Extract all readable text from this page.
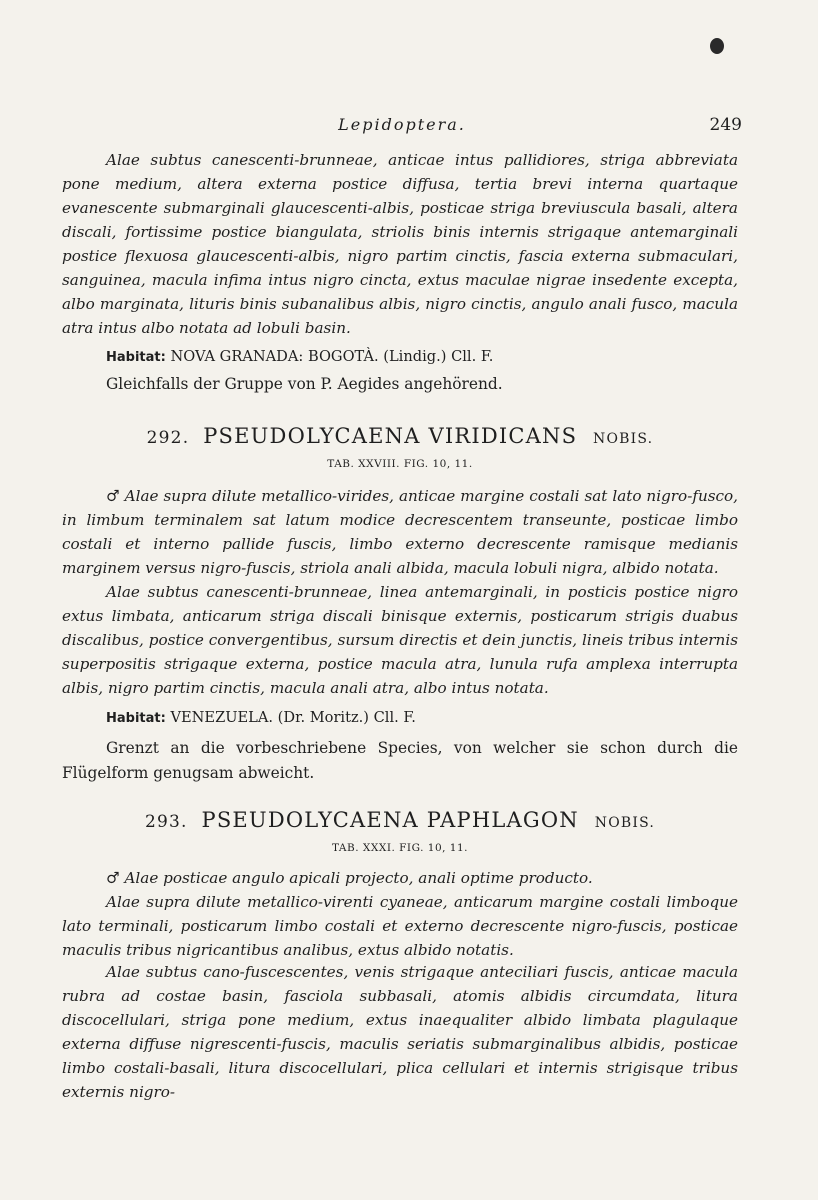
Lepidoptera.	249

Alae subtus canescenti-brunneae, anticae intus pallidiores, striga abbreviata pone medium, altera externa postice diffusa, tertia brevi interna quartaque evanescente submarginali glaucescenti-albis, posticae striga breviuscula basali, altera discali, fortissime postice biangulata, striolis binis internis strigaque antemarginali postice flexuosa glaucescenti-albis, nigro partim cinctis, fascia externa submaculari, sanguinea, macula infima intus nigro cincta, extus maculae nigrae insedente excepta, albo marginata, lituris binis subanalibus albis, nigro cinctis, angulo anali fusco, macula atra intus albo notata ad lobuli basin.

Habitat: NOVA GRANADA: BOGOTÀ. (Lindig.) Cll. F.

Gleichfalls der Gruppe von P. Aegides angehörend.

292. PSEUDOLYCAENA VIRIDICANS NOBIS.

TAB. XXVIII. FIG. 10, 11.

♂ Alae supra dilute metallico-virides, anticae margine costali sat lato nigro-fusco, in limbum terminalem sat latum modice decrescentem transeunte, posticae limbo costali et interno pallide fuscis, limbo externo decrescente ramisque medianis marginem versus nigro-fuscis, striola anali albida, macula lobuli nigra, albido notata.

Alae subtus canescenti-brunneae, linea antemarginali, in posticis postice nigro extus limbata, anticarum striga discali binisque externis, posticarum strigis duabus discalibus, postice convergentibus, sursum directis et dein junctis, lineis tribus internis superpositis strigaque externa, postice macula atra, lunula rufa amplexa interrupta albis, nigro partim cinctis, macula anali atra, albo intus notata.

Habitat: VENEZUELA. (Dr. Moritz.) Cll. F.

Grenzt an die vorbeschriebene Species, von welcher sie schon durch die Flügelform genugsam abweicht.

293. PSEUDOLYCAENA PAPHLAGON NOBIS.

TAB. XXXI. FIG. 10, 11.

♂ Alae posticae angulo apicali projecto, anali optime producto.

Alae supra dilute metallico-virenti cyaneae, anticarum margine costali limboque lato terminali, posticarum limbo costali et externo decrescente nigro-fuscis, posticae maculis tribus nigricantibus analibus, extus albido notatis.

Alae subtus cano-fuscescentes, venis strigaque anteciliari fuscis, anticae macula rubra ad costae basin, fasciola subbasali, atomis albidis circumdata, litura discocellulari, striga pone medium, extus inaequaliter albido limbata plagulaque externa diffuse nigrescenti-fuscis, maculis seriatis submarginalibus albidis, posticae limbo costali-basali, litura discocellulari, plica cellulari et internis strigisque tribus externis nigro-
